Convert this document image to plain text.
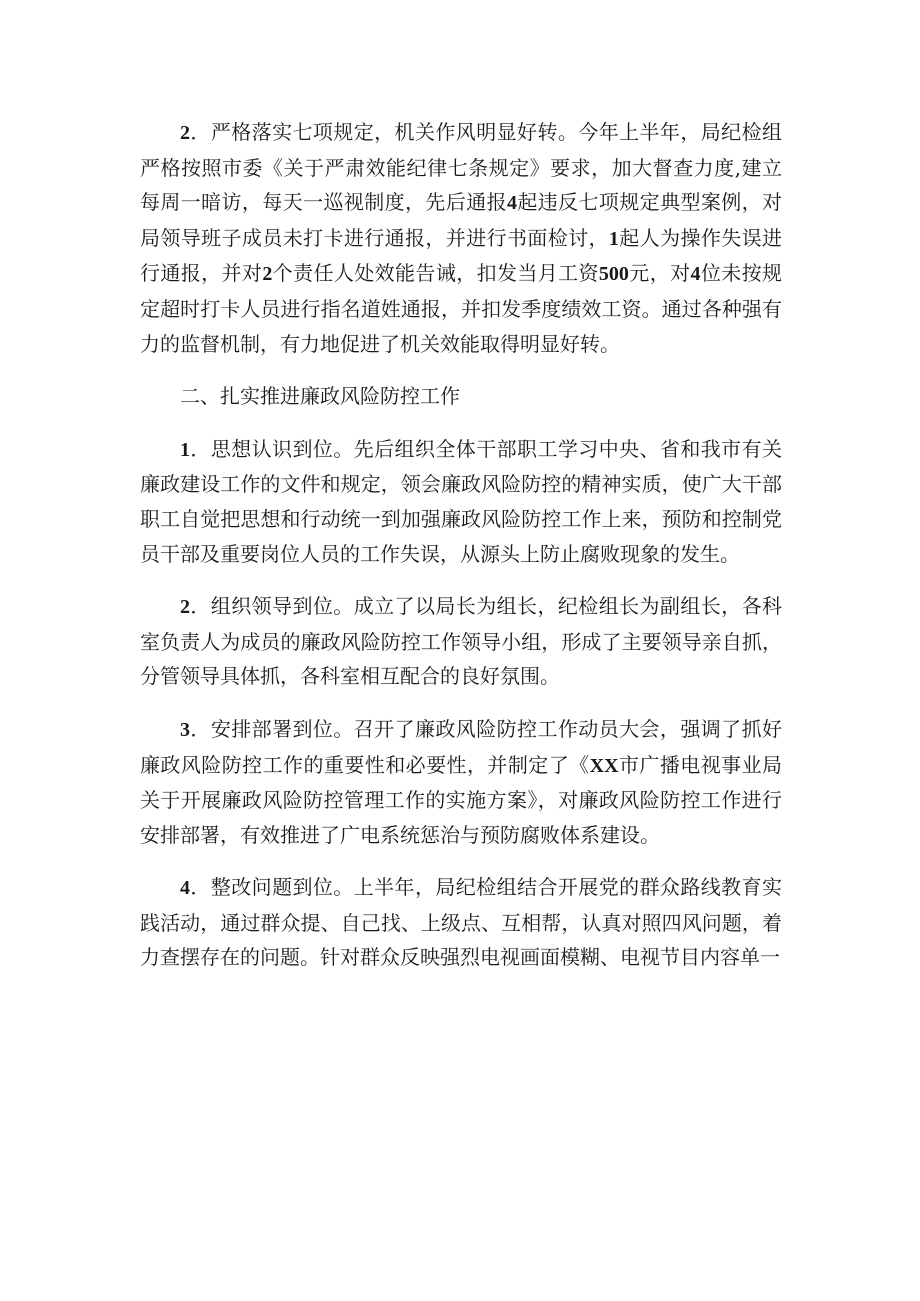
2．严格落实七项规定，机关作风明显好转。今年上半年，局纪检组严格按照市委《关于严肃效能纪律七条规定》要求，加大督查力度,建立每周一暗访，每天一巡视制度，先后通报4起违反七项规定典型案例，对局领导班子成员未打卡进行通报，并进行书面检讨，1起人为操作失误进行通报，并对2个责任人处效能告诫，扣发当月工资500元，对4位未按规定超时打卡人员进行指名道姓通报，并扣发季度绩效工资。通过各种强有力的监督机制，有力地促进了机关效能取得明显好转。

二、扎实推进廉政风险防控工作

1．思想认识到位。先后组织全体干部职工学习中央、省和我市有关廉政建设工作的文件和规定，领会廉政风险防控的精神实质，使广大干部职工自觉把思想和行动统一到加强廉政风险防控工作上来，预防和控制党员干部及重要岗位人员的工作失误，从源头上防止腐败现象的发生。

2．组织领导到位。成立了以局长为组长，纪检组长为副组长，各科室负责人为成员的廉政风险防控工作领导小组，形成了主要领导亲自抓，分管领导具体抓，各科室相互配合的良好氛围。

3．安排部署到位。召开了廉政风险防控工作动员大会，强调了抓好廉政风险防控工作的重要性和必要性，并制定了《XX市广播电视事业局关于开展廉政风险防控管理工作的实施方案》，对廉政风险防控工作进行安排部署，有效推进了广电系统惩治与预防腐败体系建设。

4．整改问题到位。上半年，局纪检组结合开展党的群众路线教育实践活动，通过群众提、自己找、上级点、互相帮，认真对照四风问题，着力查摆存在的问题。针对群众反映强烈电视画面模糊、电视节目内容单一
